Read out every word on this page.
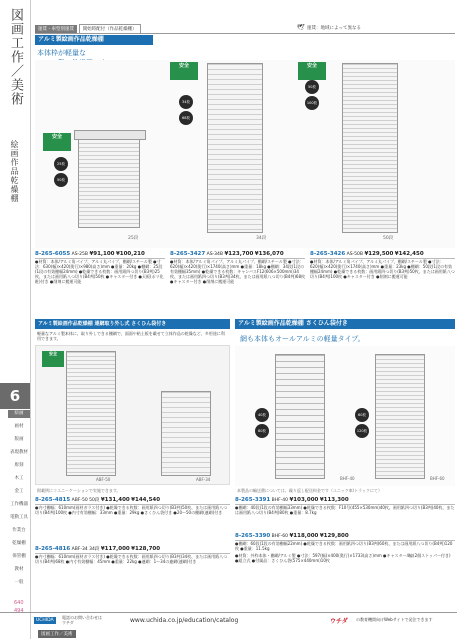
図画工作／美術
絵画作品乾燥棚
6
絵画
画材
版画
表現教材
彫刻
木工
金工
工作機器
電動工具
作業台
乾燥棚
保管棚
教材
一般
640
494
運賃・車型別運賃 開始時配付（作品乾燥棚）	🕊 運賃：地域によって異なる
アルミ製絵画作品乾燥棚
本体枠が軽量な

25段	34段	50段
安全
安全	安全
25枚
50枚
34枚
68枚
50枚
100枚
8-265-6055 AS-25B ¥91,100 ¥100,210
●材質：本体/アルミ角パイプ、アルミ丸パイプ、棚網/スチール製 ●寸法：630(幅)×420(奥行)×980(高さ)mm ●重量：20kg ●棚網：25段(1段の有効棚幅24mm) ●乾燥できる枚数：画用紙四つ切り(B3判)25枚、または画用紙八つ切り(B4判)50枚 ●キャスター付き ●天板(ポリ化粧)付き ●削剤に搬運可能
8-265-3427 AS-34B ¥123,700 ¥136,070
●材質：本体/アルミ角パイプ、アルミ丸パイプ、棚網/スチール製 ●寸法：620(幅)×420(奥行)×1740(高さ)mm ●重量：18kg ●棚網：34段(1段の有効棚幅35mm) ●乾燥できる枚数：キャンバスF12(606×500mm)34枚、または画用紙四つ切り(B3判)34枚、または画用紙八つ切り(B4判)68枚 ●キャスター付き ●削剤に搬運可能
8-265-3426 AS-50B ¥129,500 ¥142,450
●材質：本体/アルミ角パイプ、アルミ丸パイプ、棚網/スチール製 ●寸法：620(幅)×420(奥行)×1740(高さ)mm ●重量：23kg ●棚網：50段(1段の有効棚幅24mm) ●乾燥できる枚数：画用紙四つ切り(B3判)50枚、または画用紙八つ切り(B4判)100枚 ●キャスター付き ●削剤に搬運可能
アルミ製絵画作品乾燥棚 連網取り外し式 さくひん袋付き
軽量なアルミ製本体に、取り外しできる棚網で、面面や粘土板を載せて立体作品の乾燥など、多用途に利用できます。
ABF-50	ABF-34
安全
掲載例にコユニーケーションで実施できます。
8-265-4815 ABF-50 50段 ¥131,400 ¥144,540
●内寸棚幅：610mm(画材ガラス付き) ●乾燥できる枚数：画用紙四つ切り(B3判)50枚、または画用紙八つ切り(B4判)100枚 ●内寸有効棚幅：33mm ●重量：29kg ●さくひん袋付き ●20～50の棚網(連網)付き
8-265-4816 ABF-34 34段 ¥117,000 ¥128,700
●内寸棚幅：610mm(画材ガラス付き) ●乾燥できる枚数：画用紙四つ切り(B3判)34枚、または画用紙八つ切り(B4判)68枚 ●内寸有効棚幅：45mm ●重量：22kg ●連網：1～34の連網(連網)付き
アルミ製絵画作品乾燥棚 さくひん袋付き
網も本体もオールアルミの軽量タイプ。
BHF-40	BHF-60
40枚
80枚
60枚
120枚
本製品の輸送費については、繰り返し配送料金です（ユニック車/トラックにて）
8-265-3391 BHF-40 ¥103,000 ¥113,300
●棚網：40段(1段の有効棚幅33mm) ●乾燥できる枚数：F10号(455×530mm)40枚、画用紙四つ切り(B3判)40枚、または画用紙八つ切り(B4判)80枚 ●重量：8.7kg
8-265-3390 BHF-60 ¥118,000 ¥129,800
●棚網：60段(1段の有効棚幅22mm) ●乾燥できる枚数：画用紙四つ切り(B3判)60枚、または画用紙八つ切り(B4判)120枚 ●重量：11.5kg
●材質：外枠本体・棚網/アルミ製 ●寸法：597(幅)×400(奥行)×1733(高さ)mm ●キャスター4輪(2個ストッパー付き) ●組立式 ●付属品：さくひん袋(575×440mm)10枚
UCHIDA
電話のお問い合わせは
ウチダ	www.uchida.co.jp/education/catalog	ウチダ の教育機関向けWebサイトで発注できます
図画工作／美術
